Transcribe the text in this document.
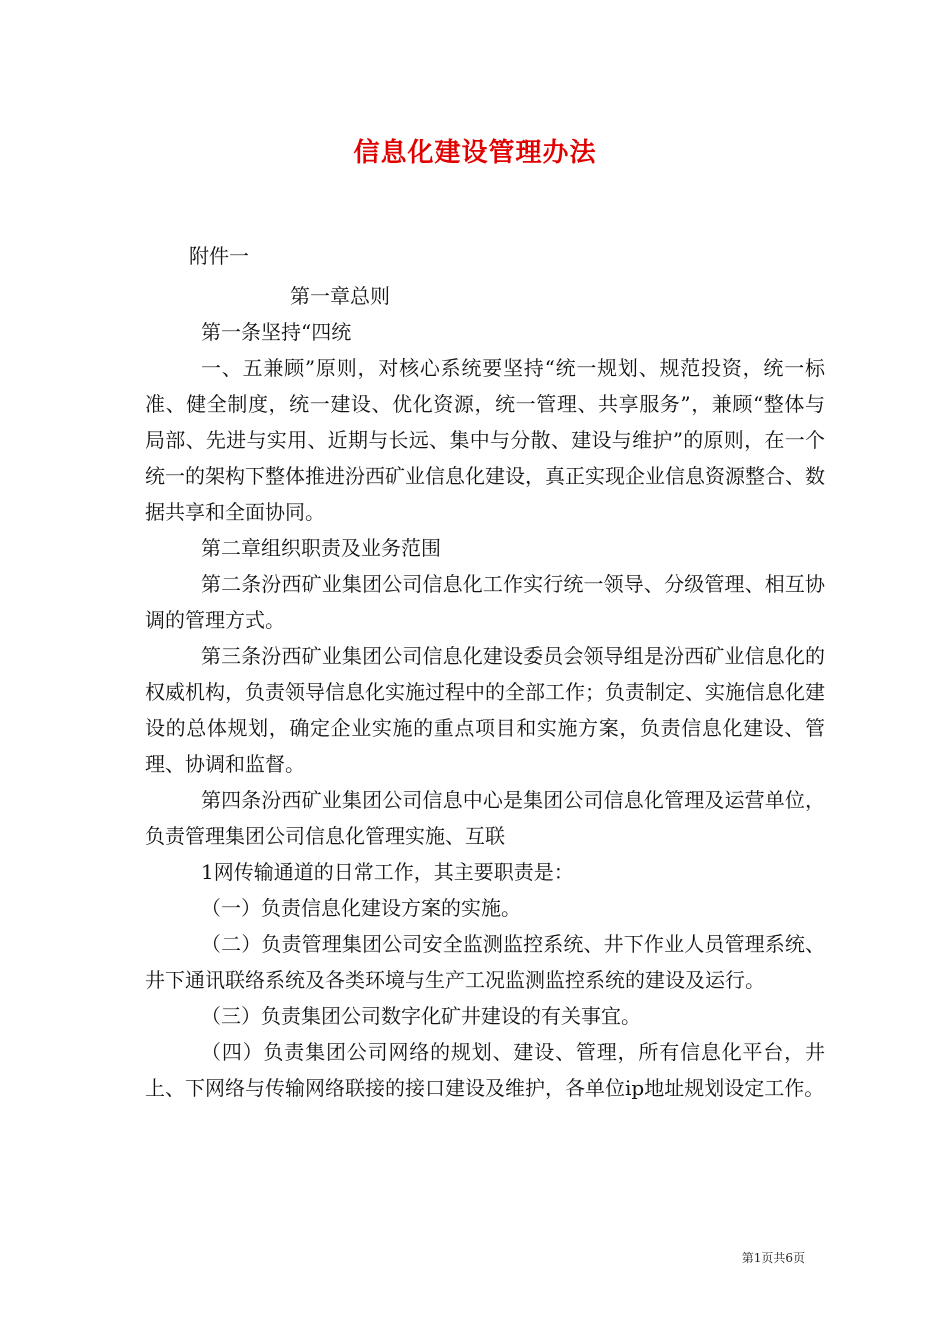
信息化建设管理办法

附件一

第一章总则

第一条坚持“四统

一、五兼顾”原则，对核心系统要坚持“统一规划、规范投资，统一标准、健全制度，统一建设、优化资源，统一管理、共享服务”，兼顾“整体与局部、先进与实用、近期与长远、集中与分散、建设与维护”的原则，在一个统一的架构下整体推进汾西矿业信息化建设，真正实现企业信息资源整合、数据共享和全面协同。

第二章组织职责及业务范围

第二条汾西矿业集团公司信息化工作实行统一领导、分级管理、相互协调的管理方式。

第三条汾西矿业集团公司信息化建设委员会领导组是汾西矿业信息化的权威机构，负责领导信息化实施过程中的全部工作；负责制定、实施信息化建设的总体规划，确定企业实施的重点项目和实施方案，负责信息化建设、管理、协调和监督。

第四条汾西矿业集团公司信息中心是集团公司信息化管理及运营单位，负责管理集团公司信息化管理实施、互联

1网传输通道的日常工作，其主要职责是：

（一）负责信息化建设方案的实施。

（二）负责管理集团公司安全监测监控系统、井下作业人员管理系统、井下通讯联络系统及各类环境与生产工况监测监控系统的建设及运行。

（三）负责集团公司数字化矿井建设的有关事宜。

（四）负责集团公司网络的规划、建设、管理，所有信息化平台，井上、下网络与传输网络联接的接口建设及维护，各单位ip地址规划设定工作。

第1页共6页
